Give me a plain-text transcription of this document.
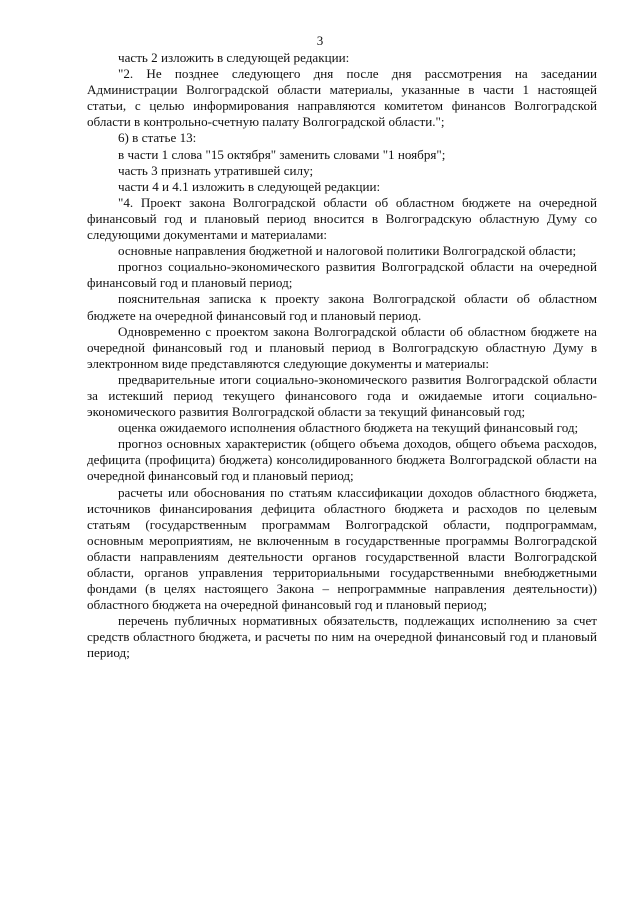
3

часть 2 изложить в следующей редакции:

"2. Не позднее следующего дня после дня рассмотрения на заседании Администрации Волгоградской области материалы, указанные в части 1 настоящей статьи, с целью информирования направляются комитетом финансов Волгоградской области в контрольно-счетную палату Волгоградской области.";

6) в статье 13:

в части 1 слова "15 октября" заменить словами "1 ноября";

часть 3 признать утратившей силу;

части 4 и 4.1 изложить в следующей редакции:

"4. Проект закона Волгоградской области об областном бюджете на очередной финансовый год и плановый период вносится в Волгоградскую областную Думу со следующими документами и материалами:

основные направления бюджетной и налоговой политики Волгоградской области;

прогноз социально-экономического развития Волгоградской области на очередной финансовый год и плановый период;

пояснительная записка к проекту закона Волгоградской области об областном бюджете на очередной финансовый год и плановый период.

Одновременно с проектом закона Волгоградской области об областном бюджете на очередной финансовый год и плановый период в Волгоградскую областную Думу в электронном виде представляются следующие документы и материалы:

предварительные итоги социально-экономического развития Волгоградской области за истекший период текущего финансового года и ожидаемые итоги социально-экономического развития Волгоградской области за текущий финансовый год;

оценка ожидаемого исполнения областного бюджета на текущий финансовый год;

прогноз основных характеристик (общего объема доходов, общего объема расходов, дефицита (профицита) бюджета) консолидированного бюджета Волгоградской области на очередной финансовый год и плановый период;

расчеты или обоснования по статьям классификации доходов областного бюджета, источников финансирования дефицита областного бюджета и расходов по целевым статьям (государственным программам Волгоградской области, подпрограммам, основным мероприятиям, не включенным в государственные программы Волгоградской области направлениям деятельности органов государственной власти Волгоградской области, органов управления территориальными государственными внебюджетными фондами (в целях настоящего Закона – непрограммные направления деятельности)) областного бюджета на очередной финансовый год и плановый период;

перечень публичных нормативных обязательств, подлежащих исполнению за счет средств областного бюджета, и расчеты по ним на очередной финансовый год и плановый период;
